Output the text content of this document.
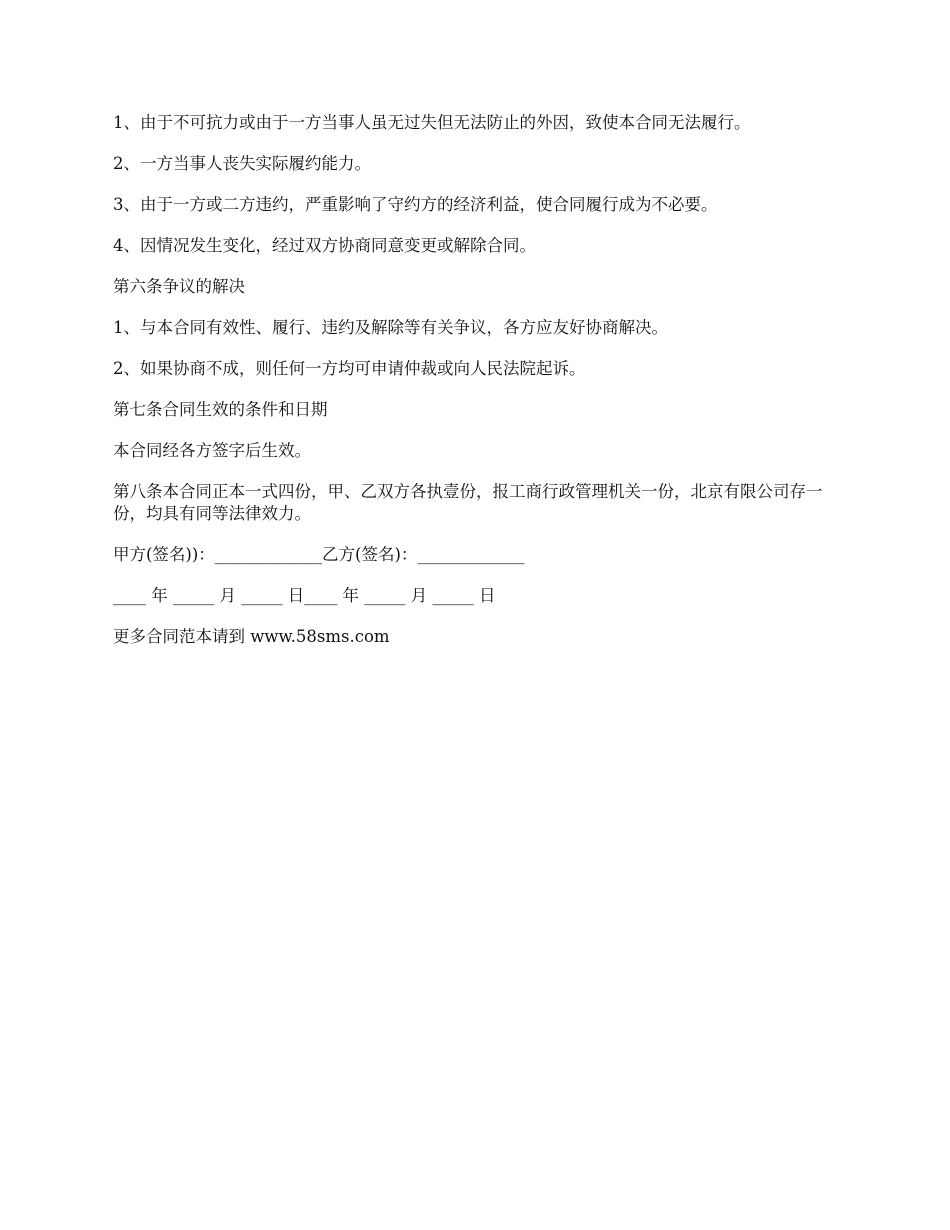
1、由于不可抗力或由于一方当事人虽无过失但无法防止的外因，致使本合同无法履行。

2、一方当事人丧失实际履约能力。

3、由于一方或二方违约，严重影响了守约方的经济利益，使合同履行成为不必要。

4、因情况发生变化，经过双方协商同意变更或解除合同。

第六条争议的解决

1、与本合同有效性、履行、违约及解除等有关争议，各方应友好协商解决。

2、如果协商不成，则任何一方均可申请仲裁或向人民法院起诉。

第七条合同生效的条件和日期

本合同经各方签字后生效。

第八条本合同正本一式四份，甲、乙双方各执壹份，报工商行政管理机关一份，北京有限公司存一份，均具有同等法律效力。

甲方(签名))：_____________乙方(签名)：_____________

____ 年 _____ 月 _____ 日____ 年 _____ 月 _____ 日

更多合同范本请到 www.58sms.com
